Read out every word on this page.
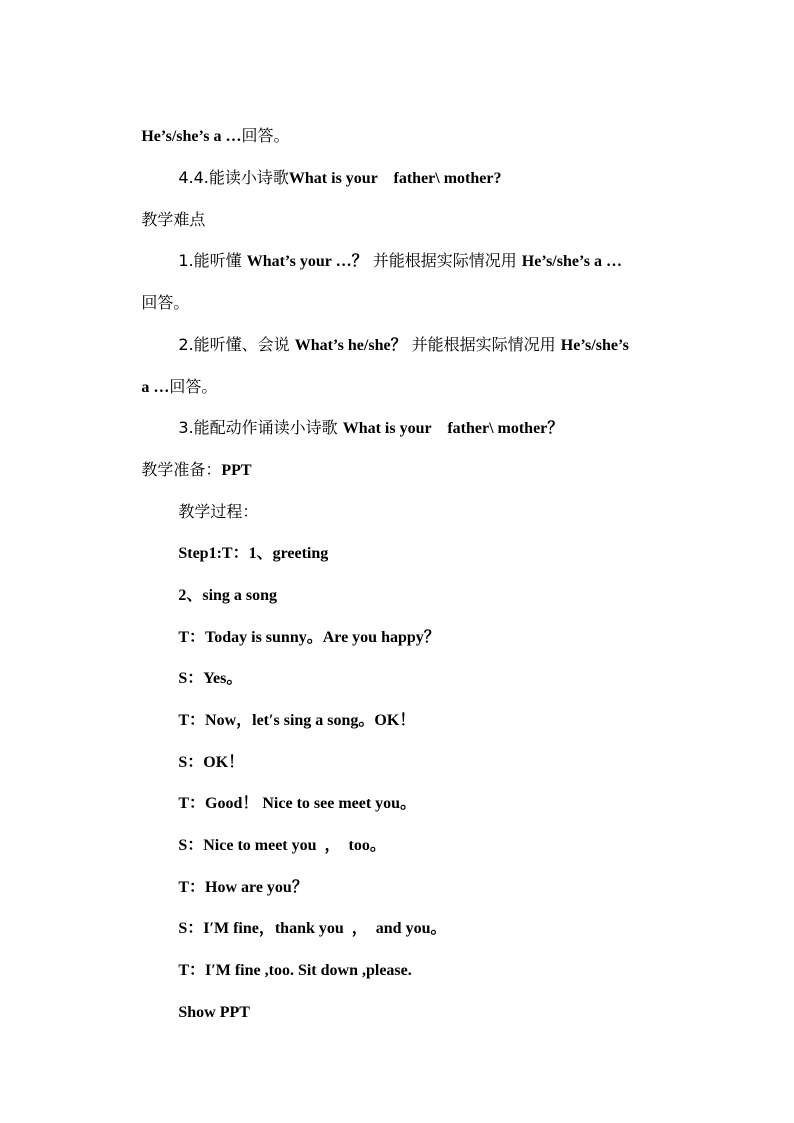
He’s/she’s a …回答。

4.4.能读小诗歌What is your    father\ mother?

教学难点

1.能听懂 What’s your …？ 并能根据实际情况用 He’s/she’s a …

回答。

2.能听懂、会说 What’s he/she？ 并能根据实际情况用 He’s/she’s

a …回答。

3.能配动作诵读小诗歌 What is your    father\ mother？

教学准备：PPT

教学过程：

Step1:T：1、greeting

2、sing a song

T：Today is sunny。Are you happy？

S：Yes。

T：Now，let′s sing a song。OK！

S：OK！

T：Good！ Nice to see meet you。

S：Nice to meet you  ，  too。

T：How are you？

S：I′M fine，thank you  ，  and you。

T：I′M fine ,too. Sit down ,please.

Show PPT
